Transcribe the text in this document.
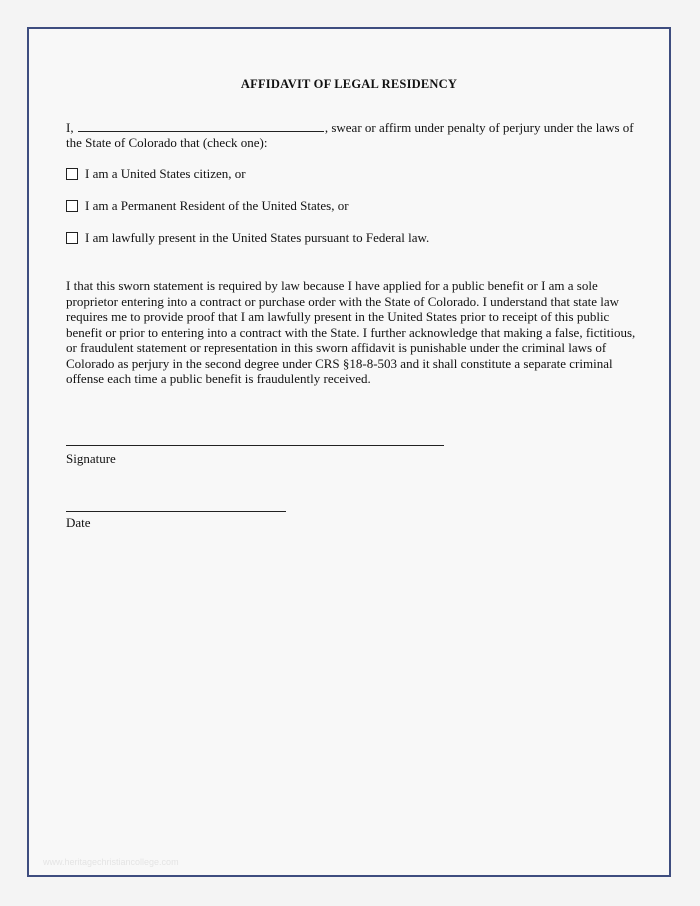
AFFIDAVIT OF LEGAL RESIDENCY

I,	, swear or affirm under penalty of perjury under the laws of the State of Colorado that (check one):

I am a United States citizen, or
I am a Permanent Resident of the United States, or
I am lawfully present in the United States pursuant to Federal law.

I that this sworn statement is required by law because I have applied for a public benefit or I am a sole proprietor entering into a contract or purchase order with the State of Colorado. I understand that state law requires me to provide proof that I am lawfully present in the United States prior to receipt of this public benefit or prior to entering into a contract with the State. I further acknowledge that making a false, fictitious, or fraudulent statement or representation in this sworn affidavit is punishable under the criminal laws of Colorado as perjury in the second degree under CRS §18-8-503 and it shall constitute a separate criminal offense each time a public benefit is fraudulently received.

Signature

Date

www.heritagechristiancollege.com
